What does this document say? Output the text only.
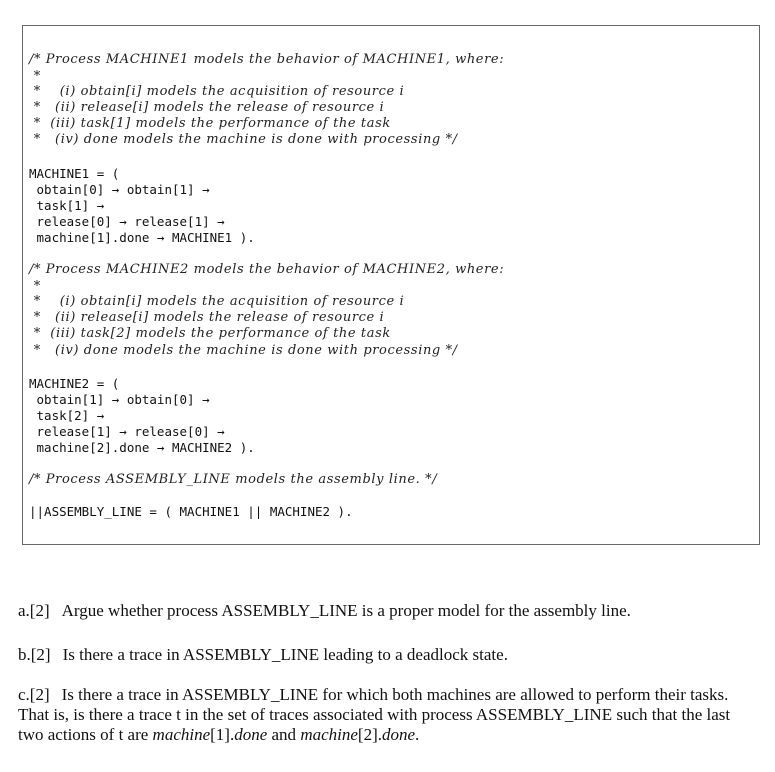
/* Process MACHINE1 models the behavior of MACHINE1, where:
*
*    (i) obtain[i] models the acquisition of resource i
*   (ii) release[i] models the release of resource i
*  (iii) task[1] models the performance of the task
*   (iv) done models the machine is done with processing */
MACHINE1 = (
obtain[0] → obtain[1] →
task[1] →
release[0] → release[1] →
machine[1].done → MACHINE1 ).
/* Process MACHINE2 models the behavior of MACHINE2, where:
*
*    (i) obtain[i] models the acquisition of resource i
*   (ii) release[i] models the release of resource i
*  (iii) task[2] models the performance of the task
*   (iv) done models the machine is done with processing */
MACHINE2 = (
obtain[1] → obtain[0] →
task[2] →
release[1] → release[0] →
machine[2].done → MACHINE2 ).
/* Process ASSEMBLY_LINE models the assembly line. */
||ASSEMBLY_LINE = ( MACHINE1 || MACHINE2 ).
a.[2] Argue whether process ASSEMBLY_LINE is a proper model for the assembly line.
b.[2] Is there a trace in ASSEMBLY_LINE leading to a deadlock state.
c.[2] Is there a trace in ASSEMBLY_LINE for which both machines are allowed to perform their tasks. That is, is there a trace t in the set of traces associated with process ASSEMBLY_LINE such that the last two actions of t are machine[1].done and machine[2].done.
